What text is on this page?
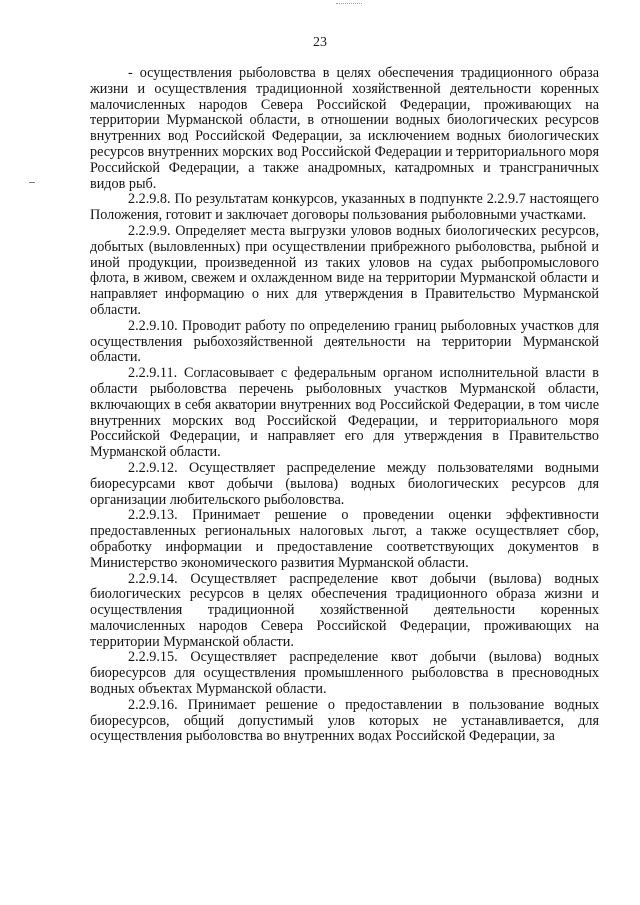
23

- осуществления рыболовства в целях обеспечения традиционного образа жизни и осуществления традиционной хозяйственной деятельности коренных малочисленных народов Севера Российской Федерации, проживающих на территории Мурманской области, в отношении водных биологических ресурсов внутренних вод Российской Федерации, за исключением водных биологических ресурсов внутренних морских вод Российской Федерации и территориального моря Российской Федерации, а также анадромных, катадромных и трансграничных видов рыб.

2.2.9.8. По результатам конкурсов, указанных в подпункте 2.2.9.7 настоящего Положения, готовит и заключает договоры пользования рыболовными участками.

2.2.9.9. Определяет места выгрузки уловов водных биологических ресурсов, добытых (выловленных) при осуществлении прибрежного рыболовства, рыбной и иной продукции, произведенной из таких уловов на судах рыбопромыслового флота, в живом, свежем и охлажденном виде на территории Мурманской области и направляет информацию о них для утверждения в Правительство Мурманской области.

2.2.9.10. Проводит работу по определению границ рыболовных участков для осуществления рыбохозяйственной деятельности на территории Мурманской области.

2.2.9.11. Согласовывает с федеральным органом исполнительной власти в области рыболовства перечень рыболовных участков Мурманской области, включающих в себя акватории внутренних вод Российской Федерации, в том числе внутренних морских вод Российской Федерации, и территориального моря Российской Федерации, и направляет его для утверждения в Правительство Мурманской области.

2.2.9.12. Осуществляет распределение между пользователями водными биоресурсами квот добычи (вылова) водных биологических ресурсов для организации любительского рыболовства.

2.2.9.13. Принимает решение о проведении оценки эффективности предоставленных региональных налоговых льгот, а также осуществляет сбор, обработку информации и предоставление соответствующих документов в Министерство экономического развития Мурманской области.

2.2.9.14. Осуществляет распределение квот добычи (вылова) водных биологических ресурсов в целях обеспечения традиционного образа жизни и осуществления традиционной хозяйственной деятельности коренных малочисленных народов Севера Российской Федерации, проживающих на территории Мурманской области.

2.2.9.15. Осуществляет распределение квот добычи (вылова) водных биоресурсов для осуществления промышленного рыболовства в пресноводных водных объектах Мурманской области.

2.2.9.16. Принимает решение о предоставлении в пользование водных биоресурсов, общий допустимый улов которых не устанавливается, для осуществления рыболовства во внутренних водах Российской Федерации, за
